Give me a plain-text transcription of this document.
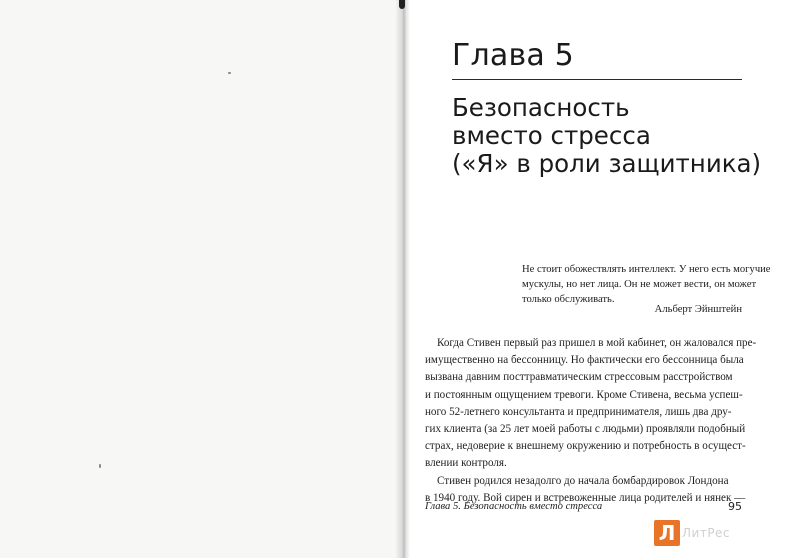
Глава 5
Безопасность
вместо стресса
(«Я» в роли защитника)
Не стоит обожествлять интеллект. У него есть могучие
мускулы, но нет лица. Он не может вести, он может
только обслуживать.
Альберт Эйнштейн
Когда Стивен первый раз пришел в мой кабинет, он жаловался пре-
имущественно на бессонницу. Но фактически его бессонница была
вызвана давним посттравматическим стрессовым расстройством
и постоянным ощущением тревоги. Кроме Стивена, весьма успеш-
ного 52-летнего консультанта и предпринимателя, лишь два дру-
гих клиента (за 25 лет моей работы с людьми) проявляли подобный
страх, недоверие к внешнему окружению и потребность в осущест-
влении контроля.
Стивен родился незадолго до начала бомбардировок Лондона
в 1940 году. Вой сирен и встревоженные лица родителей и нянек —
Глава 5. Безопасность вместо стресса	95
Л ЛитРес
